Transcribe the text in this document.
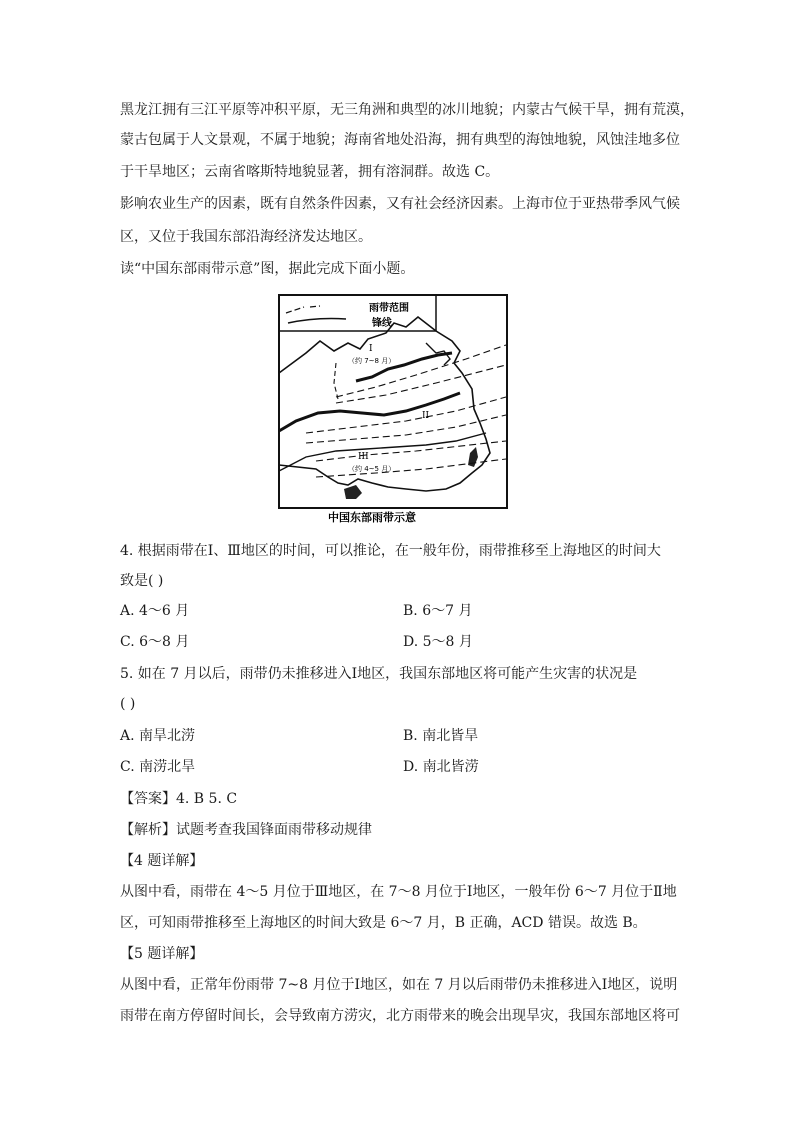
黑龙江拥有三江平原等冲积平原，无三角洲和典型的冰川地貌；内蒙古气候干旱，拥有荒漠，
蒙古包属于人文景观，不属于地貌；海南省地处沿海，拥有典型的海蚀地貌，风蚀洼地多位
于干旱地区；云南省喀斯特地貌显著，拥有溶洞群。故选 C。
影响农业生产的因素，既有自然条件因素，又有社会经济因素。上海市位于亚热带季风气候
区，又位于我国东部沿海经济发达地区。
读“中国东部雨带示意”图，据此完成下面小题。
雨带范围
锋线
I
（约 7~8 月）
II
III
（约 4~5 月）
中国东部雨带示意
4. 根据雨带在Ⅰ、Ⅲ地区的时间，可以推论，在一般年份，雨带推移至上海地区的时间大
致是( )
A. 4～6 月	B. 6～7 月
C. 6～8 月	D. 5～8 月
5. 如在 7 月以后，雨带仍未推移进入Ⅰ地区，我国东部地区将可能产生灾害的状况是
( )
A. 南旱北涝	B. 南北皆旱
C. 南涝北旱	D. 南北皆涝
【答案】4. B 5. C
【解析】试题考查我国锋面雨带移动规律
【4 题详解】
从图中看，雨带在 4～5 月位于Ⅲ地区，在 7～8 月位于Ⅰ地区，一般年份 6～7 月位于Ⅱ地
区，可知雨带推移至上海地区的时间大致是 6～7 月，B 正确，ACD 错误。故选 B。
【5 题详解】
从图中看，正常年份雨带 7~8 月位于Ⅰ地区，如在 7 月以后雨带仍未推移进入Ⅰ地区，说明
雨带在南方停留时间长，会导致南方涝灾，北方雨带来的晚会出现旱灾，我国东部地区将可
